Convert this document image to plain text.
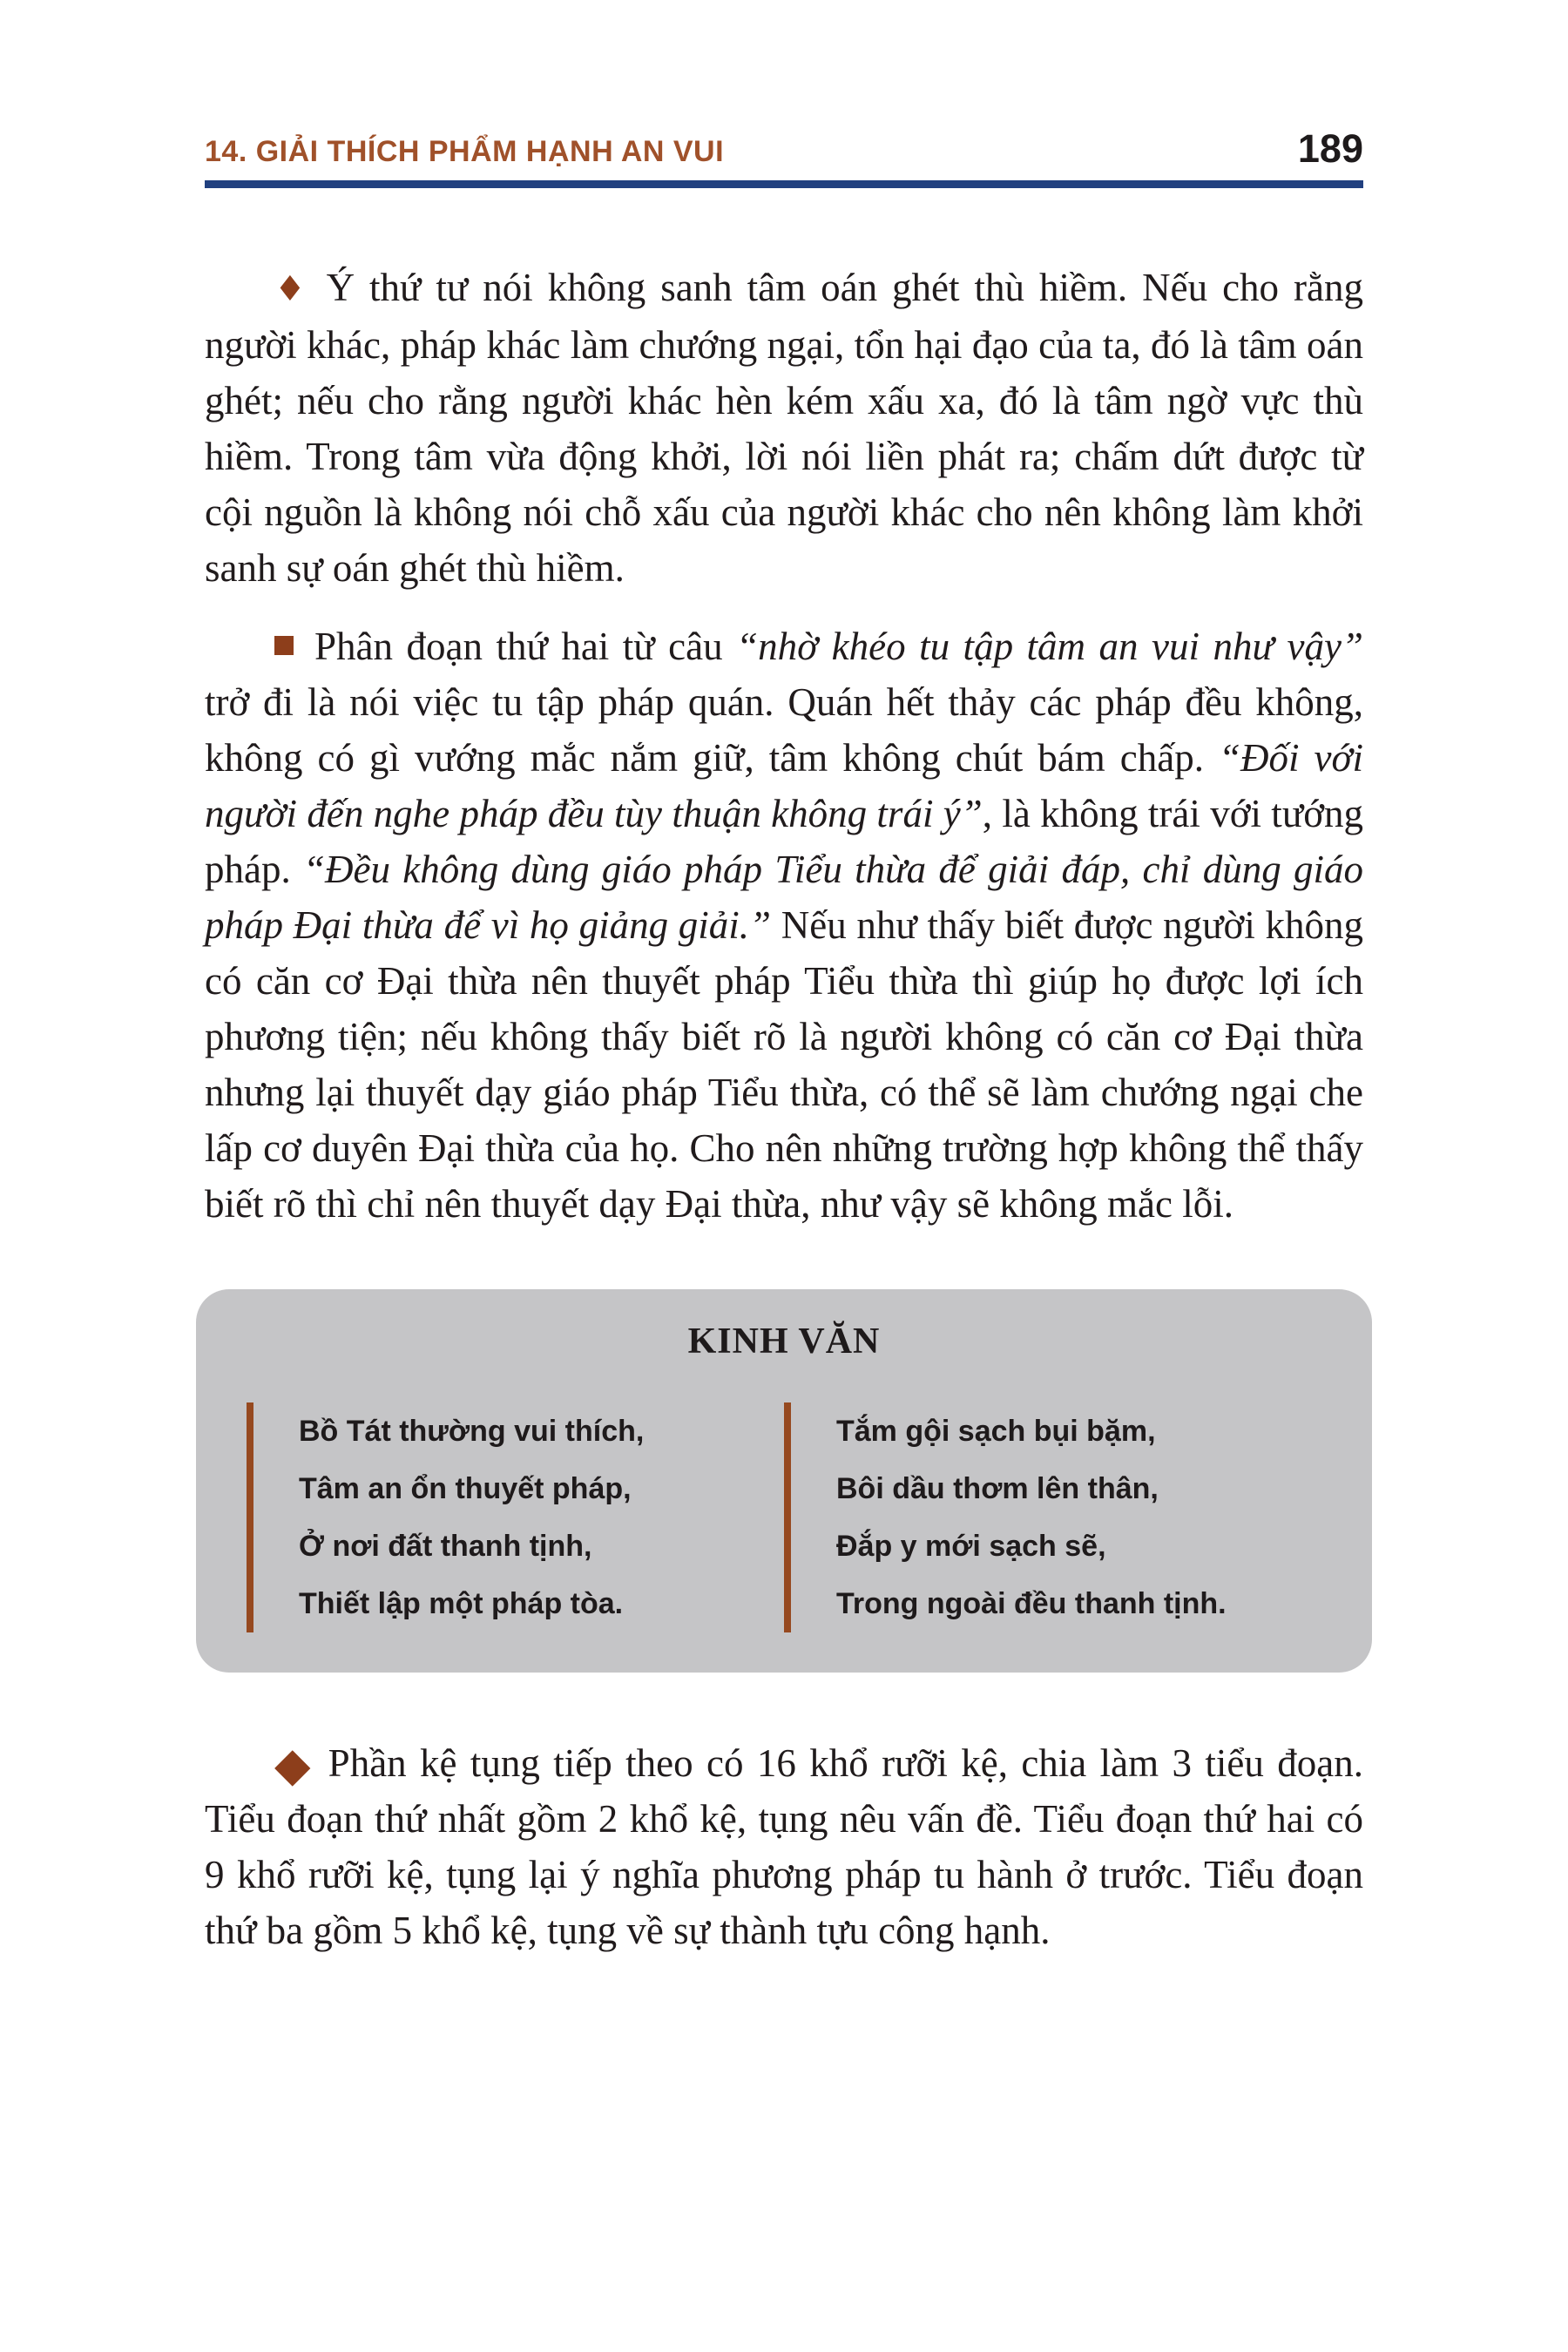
14. GIẢI THÍCH PHẨM HẠNH AN VUI	189

♦ Ý thứ tư nói không sanh tâm oán ghét thù hiềm. Nếu cho rằng người khác, pháp khác làm chướng ngại, tổn hại đạo của ta, đó là tâm oán ghét; nếu cho rằng người khác hèn kém xấu xa, đó là tâm ngờ vực thù hiềm. Trong tâm vừa động khởi, lời nói liền phát ra; chấm dứt được từ cội nguồn là không nói chỗ xấu của người khác cho nên không làm khởi sanh sự oán ghét thù hiềm.

Phân đoạn thứ hai từ câu “nhờ khéo tu tập tâm an vui như vậy” trở đi là nói việc tu tập pháp quán. Quán hết thảy các pháp đều không, không có gì vướng mắc nắm giữ, tâm không chút bám chấp. “Đối với người đến nghe pháp đều tùy thuận không trái ý”, là không trái với tướng pháp. “Đều không dùng giáo pháp Tiểu thừa để giải đáp, chỉ dùng giáo pháp Đại thừa để vì họ giảng giải.” Nếu như thấy biết được người không có căn cơ Đại thừa nên thuyết pháp Tiểu thừa thì giúp họ được lợi ích phương tiện; nếu không thấy biết rõ là người không có căn cơ Đại thừa nhưng lại thuyết dạy giáo pháp Tiểu thừa, có thể sẽ làm chướng ngại che lấp cơ duyên Đại thừa của họ. Cho nên những trường hợp không thể thấy biết rõ thì chỉ nên thuyết dạy Đại thừa, như vậy sẽ không mắc lỗi.

KINH VĂN
Bồ Tát thường vui thích,
Tâm an ổn thuyết pháp,
Ở nơi đất thanh tịnh,
Thiết lập một pháp tòa.
Tắm gội sạch bụi bặm,
Bôi dầu thơm lên thân,
Đắp y mới sạch sẽ,
Trong ngoài đều thanh tịnh.

◆ Phần kệ tụng tiếp theo có 16 khổ rưỡi kệ, chia làm 3 tiểu đoạn. Tiểu đoạn thứ nhất gồm 2 khổ kệ, tụng nêu vấn đề. Tiểu đoạn thứ hai có 9 khổ rưỡi kệ, tụng lại ý nghĩa phương pháp tu hành ở trước. Tiểu đoạn thứ ba gồm 5 khổ kệ, tụng về sự thành tựu công hạnh.
